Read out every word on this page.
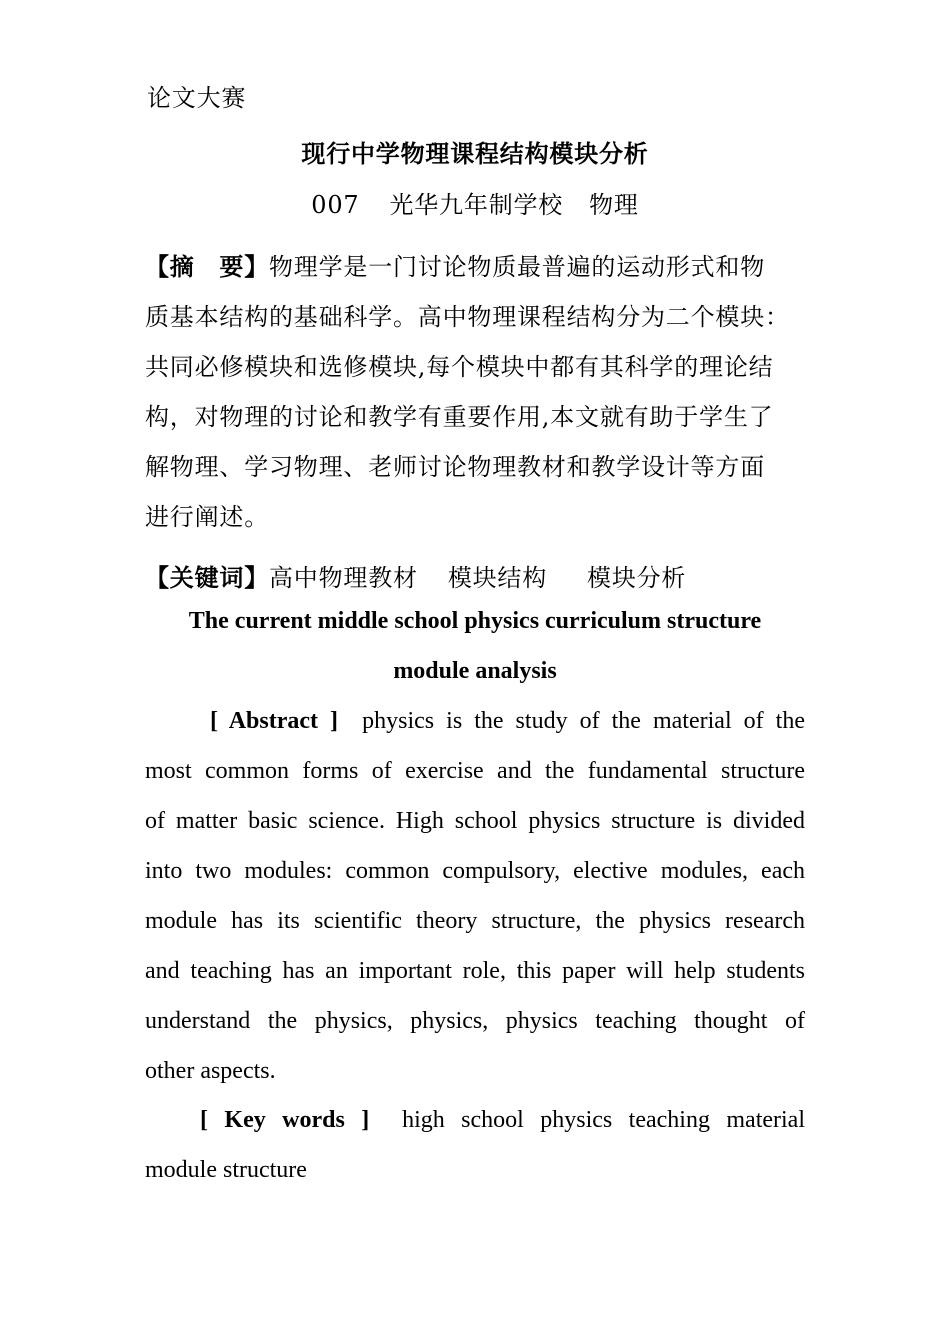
论文大赛
现行中学物理课程结构模块分析
007 光华九年制学校 物理
【摘　要】物理学是一门讨论物质最普遍的运动形式和物
质基本结构的基础科学。高中物理课程结构分为二个模块：
共同必修模块和选修模块,每个模块中都有其科学的理论结
构，对物理的讨论和教学有重要作用,本文就有助于学生了
解物理、学习物理、老师讨论物理教材和教学设计等方面
进行阐述。
【关键词】高中物理教材 模块结构 模块分析
The current middle school physics curriculum structure
module analysis
[ Abstract ] physics is the study of the material of the
most common forms of exercise and the fundamental structure
of matter basic science. High school physics structure is divided
into two modules: common compulsory, elective modules, each
module has its scientific theory structure, the physics research
and teaching has an important role, this paper will help students
understand the physics, physics, physics teaching thought of
other aspects.
[ Key words ] high school physics teaching material
module structure
